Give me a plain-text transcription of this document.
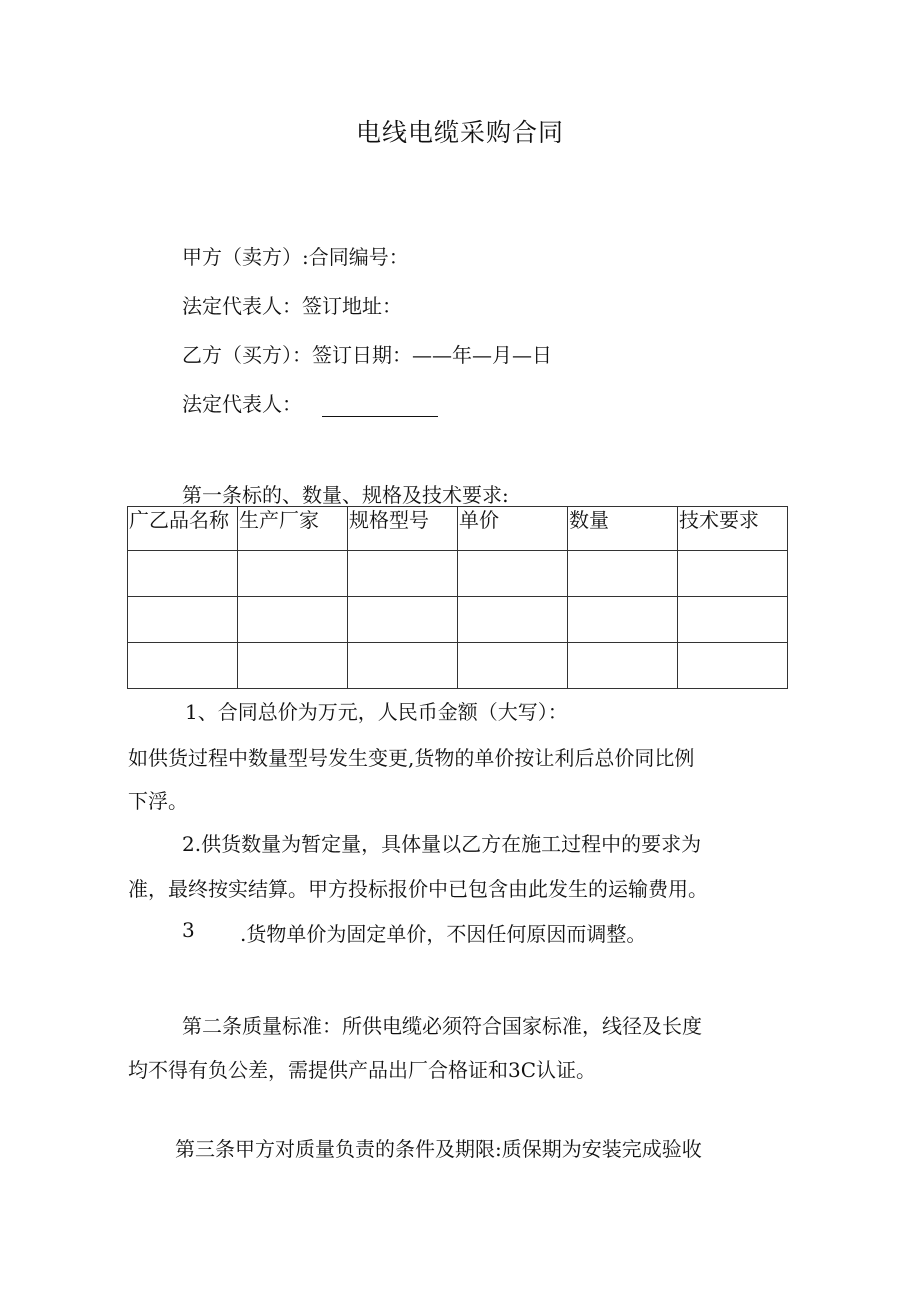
电线电缆采购合同
甲方（卖方）:合同编号：
法定代表人：签订地址：
乙方（买方）：签订日期：——年—月—日
法定代表人：
第一条标的、数量、规格及技术要求:
广乙品名称	生产厂家	规格型号	单价	数量	技术要求

1、合同总价为万元，人民币金额（大写）：
如供货过程中数量型号发生变更,货物的单价按让利后总价同比例
下浮。
2.供货数量为暂定量，具体量以乙方在施工过程中的要求为
准，最终按实结算。甲方投标报价中已包含由此发生的运输费用。
3 .货物单价为固定单价，不因任何原因而调整。
第二条质量标准：所供电缆必须符合国家标准，线径及长度
均不得有负公差，需提供产品出厂合格证和3C认证。
第三条甲方对质量负责的条件及期限:质保期为安装完成验收
